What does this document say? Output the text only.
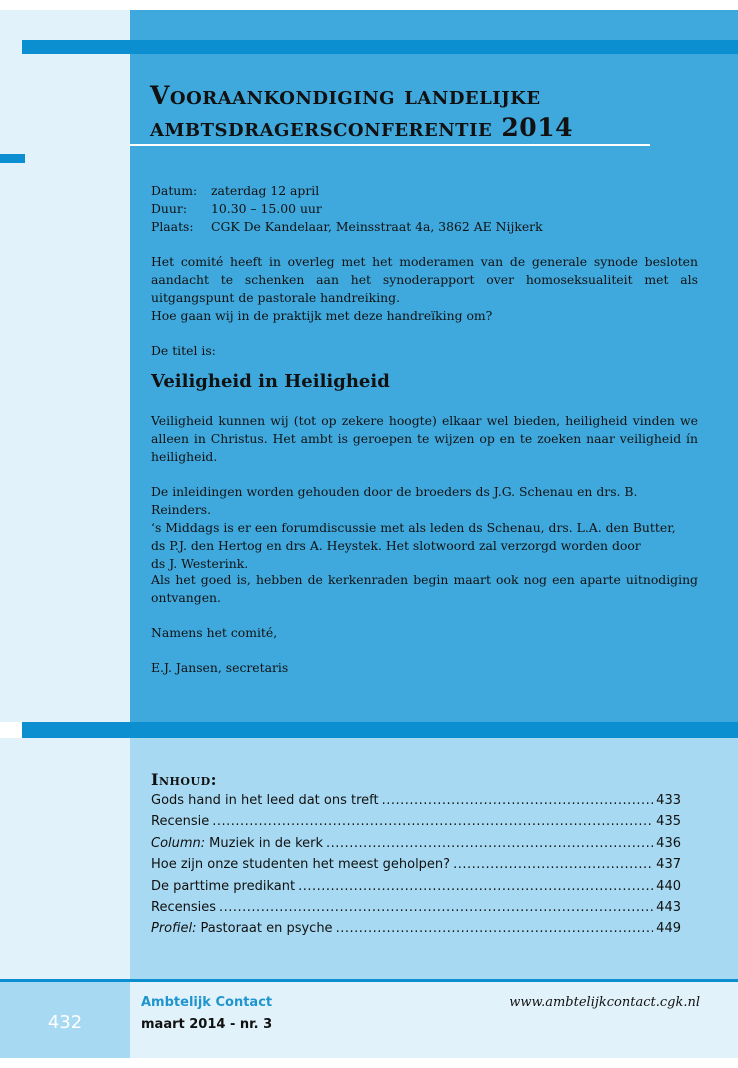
Vooraankondiging landelijke
ambtsdragersconferentie 2014
Datum:	zaterdag 12 april
Duur:	10.30 – 15.00 uur
Plaats:	CGK De Kandelaar, Meinsstraat 4a, 3862 AE Nijkerk
Het comité heeft in overleg met het moderamen van de generale synode besloten aandacht te schenken aan het synoderapport over homoseksualiteit met als uitgangspunt de pastorale handreiking.
Hoe gaan wij in de praktijk met deze handreïking om?
De titel is:
Veiligheid in Heiligheid
Veiligheid kunnen wij (tot op zekere hoogte) elkaar wel bieden, heiligheid vinden we alleen in Christus. Het ambt is geroepen te wijzen op en te zoeken naar veiligheid ín heiligheid.
De inleidingen worden gehouden door de broeders ds J.G. Schenau en drs. B. Reinders.
‘s Middags is er een forumdiscussie met als leden ds Schenau, drs. L.A. den Butter,
ds P.J. den Hertog en drs A. Heystek. Het slotwoord zal verzorgd worden door
ds J. Westerink.
Als het goed is, hebben de kerkenraden begin maart ook nog een aparte uitnodiging ontvangen.
Namens het comité,
E.J. Jansen, secretaris
Inhoud:
Gods hand in het leed dat ons treft .....	433
Recensie .....	435
Column: Muziek in de kerk .....	436
Hoe zijn onze studenten het meest geholpen? .....	437
De parttime predikant .....	440
Recensies .....	443
Profiel: Pastoraat en psyche .....	449
432
Ambtelijk Contact
maart 2014 - nr. 3
www.ambtelijkcontact.cgk.nl
